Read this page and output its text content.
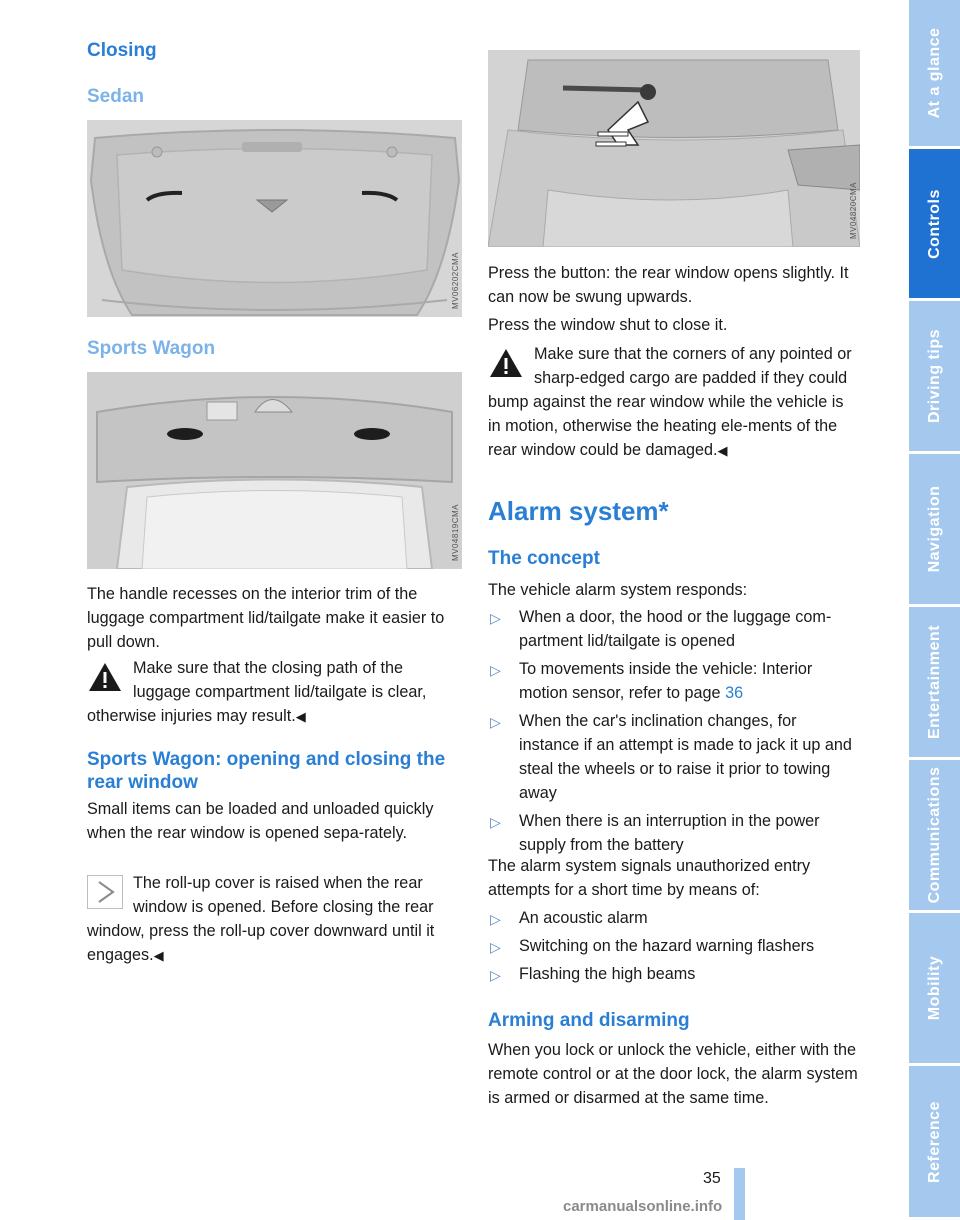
Closing
Sedan
MV06202CMA
Sports Wagon
MV04819CMA

The handle recesses on the interior trim of the luggage compartment lid/tailgate make it easier to pull down.

Make sure that the closing path of the luggage compartment lid/tailgate is clear, otherwise injuries may result.◀
Sports Wagon: opening and closing the rear window

Small items can be loaded and unloaded quickly when the rear window is opened sepa-rately.

The roll-up cover is raised when the rear window is opened. Before closing the rear window, press the roll-up cover downward until it engages.◀
MV04820CMA

Press the button: the rear window opens slightly. It can now be swung upwards.

Press the window shut to close it.

Make sure that the corners of any pointed or sharp-edged cargo are padded if they could bump against the rear window while the vehicle is in motion, otherwise the heating ele-ments of the rear window could be damaged.◀
Alarm system*
The concept

The vehicle alarm system responds:

▷ When a door, the hood or the luggage com-partment lid/tailgate is opened
▷ To movements inside the vehicle: Interior motion sensor, refer to page 36
▷ When the car's inclination changes, for instance if an attempt is made to jack it up and steal the wheels or to raise it prior to towing away
▷ When there is an interruption in the power supply from the battery

The alarm system signals unauthorized entry attempts for a short time by means of:

▷ An acoustic alarm
▷ Switching on the hazard warning flashers
▷ Flashing the high beams
Arming and disarming

When you lock or unlock the vehicle, either with the remote control or at the door lock, the alarm system is armed or disarmed at the same time.

At a glance
Controls
Driving tips
Navigation
Entertainment
Communications
Mobility
Reference
35
carmanualsonline.info
